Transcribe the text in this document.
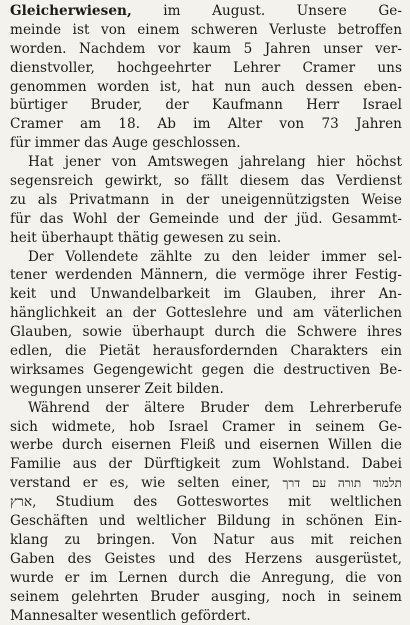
Gleicherwiesen, im August. Unsere Ge-
meinde ist von einem schweren Verluste betroffen
worden. Nachdem vor kaum 5 Jahren unser ver-
dienstvoller, hochgeehrter Lehrer Cramer uns
genommen worden ist, hat nun auch dessen eben-
bürtiger Bruder, der Kaufmann Herr Israel
Cramer am 18. Ab im Alter von 73 Jahren
für immer das Auge geschlossen.
Hat jener von Amtswegen jahrelang hier höchst
segensreich gewirkt, so fällt diesem das Verdienst
zu als Privatmann in der uneigennützigsten Weise
für das Wohl der Gemeinde und der jüd. Gesammt-
heit überhaupt thätig gewesen zu sein.
Der Vollendete zählte zu den leider immer sel-
tener werdenden Männern, die vermöge ihrer Festig-
keit und Unwandelbarkeit im Glauben, ihrer An-
hänglichkeit an der Gotteslehre und am väterlichen
Glauben, sowie überhaupt durch die Schwere ihres
edlen, die Pietät herausfordernden Charakters ein
wirksames Gegengewicht gegen die destructiven Be-
wegungen unserer Zeit bilden.
Während der ältere Bruder dem Lehrerberufe
sich widmete, hob Israel Cramer in seinem Ge-
werbe durch eisernen Fleiß und eisernen Willen die
Familie aus der Dürftigkeit zum Wohlstand. Dabei
verstand er es, wie selten einer, תלמוד תורה עם דרך
ארץ, Studium des Gotteswortes mit weltlichen
Geschäften und weltlicher Bildung in schönen Ein-
klang zu bringen. Von Natur aus mit reichen
Gaben des Geistes und des Herzens ausgerüstet,
wurde er im Lernen durch die Anregung, die von
seinem gelehrten Bruder ausging, noch in seinem
Mannesalter wesentlich gefördert.
